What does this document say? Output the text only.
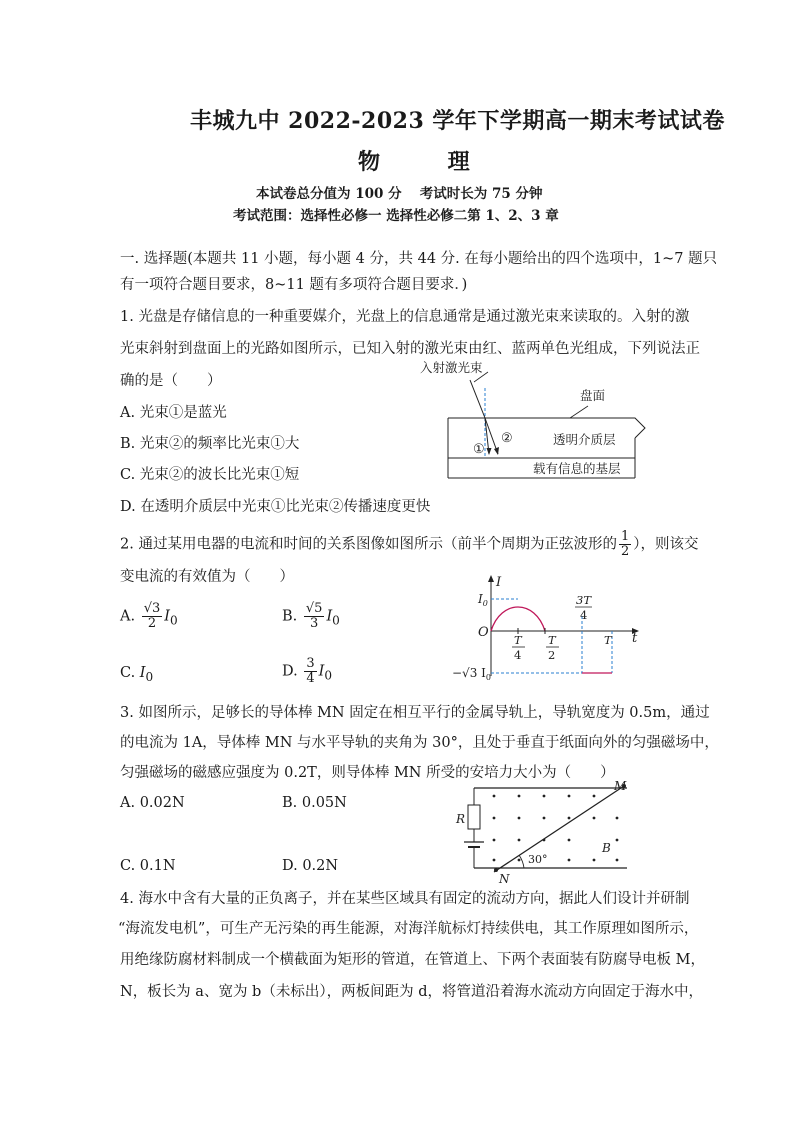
丰城九中 2022-2023 学年下学期高一期末考试试卷
物 理
本试卷总分值为 100 分　 考试时长为 75 分钟
考试范围：选择性必修一 选择性必修二第 1、2、3 章
一. 选择题(本题共 11 小题，每小题 4 分，共 44 分. 在每小题给出的四个选项中，1~7 题只
有一项符合题目要求，8~11 题有多项符合题目要求．)
1. 光盘是存储信息的一种重要媒介，光盘上的信息通常是通过激光束来读取的。入射的激
光束斜射到盘面上的光路如图所示，已知入射的激光束由红、蓝两单色光组成，下列说法正
确的是（　　）
A. 光束①是蓝光
B. 光束②的频率比光束①大
C. 光束②的波长比光束①短
D. 在透明介质层中光束①比光束②传播速度更快
入射激光束
盘面
透明介质层
载有信息的基层
①
②
2. 通过某用电器的电流和时间的关系图像如图所示（前半个周期为正弦波形的 $\frac{1}{2}$ ），则该交
变电流的有效值为（　　）
A. $\frac{√3}{2} I_0$	B. $\frac{√5}{3} I_0$
C. $I_0$	D. $\frac{3}{4} I_0$
I
t
O
$I_0$
−√3 $I_0$
T
4
T
2
3T
4
T
3. 如图所示，足够长的导体棒 MN 固定在相互平行的金属导轨上，导轨宽度为 0.5m，通过
的电流为 1A，导体棒 MN 与水平导轨的夹角为 30°，且处于垂直于纸面向外的匀强磁场中，
匀强磁场的磁感应强度为 0.2T，则导体棒 MN 所受的安培力大小为（　　）
A. 0.02N	B. 0.05N
C. 0.1N	D. 0.2N
R
M
N
B
30°
4. 海水中含有大量的正负离子，并在某些区域具有固定的流动方向，据此人们设计并研制
“海流发电机”，可生产无污染的再生能源，对海洋航标灯持续供电，其工作原理如图所示，
用绝缘防腐材料制成一个横截面为矩形的管道，在管道上、下两个表面装有防腐导电板 M，
N，板长为 a、宽为 b（未标出），两板间距为 d，将管道沿着海水流动方向固定于海水中，
